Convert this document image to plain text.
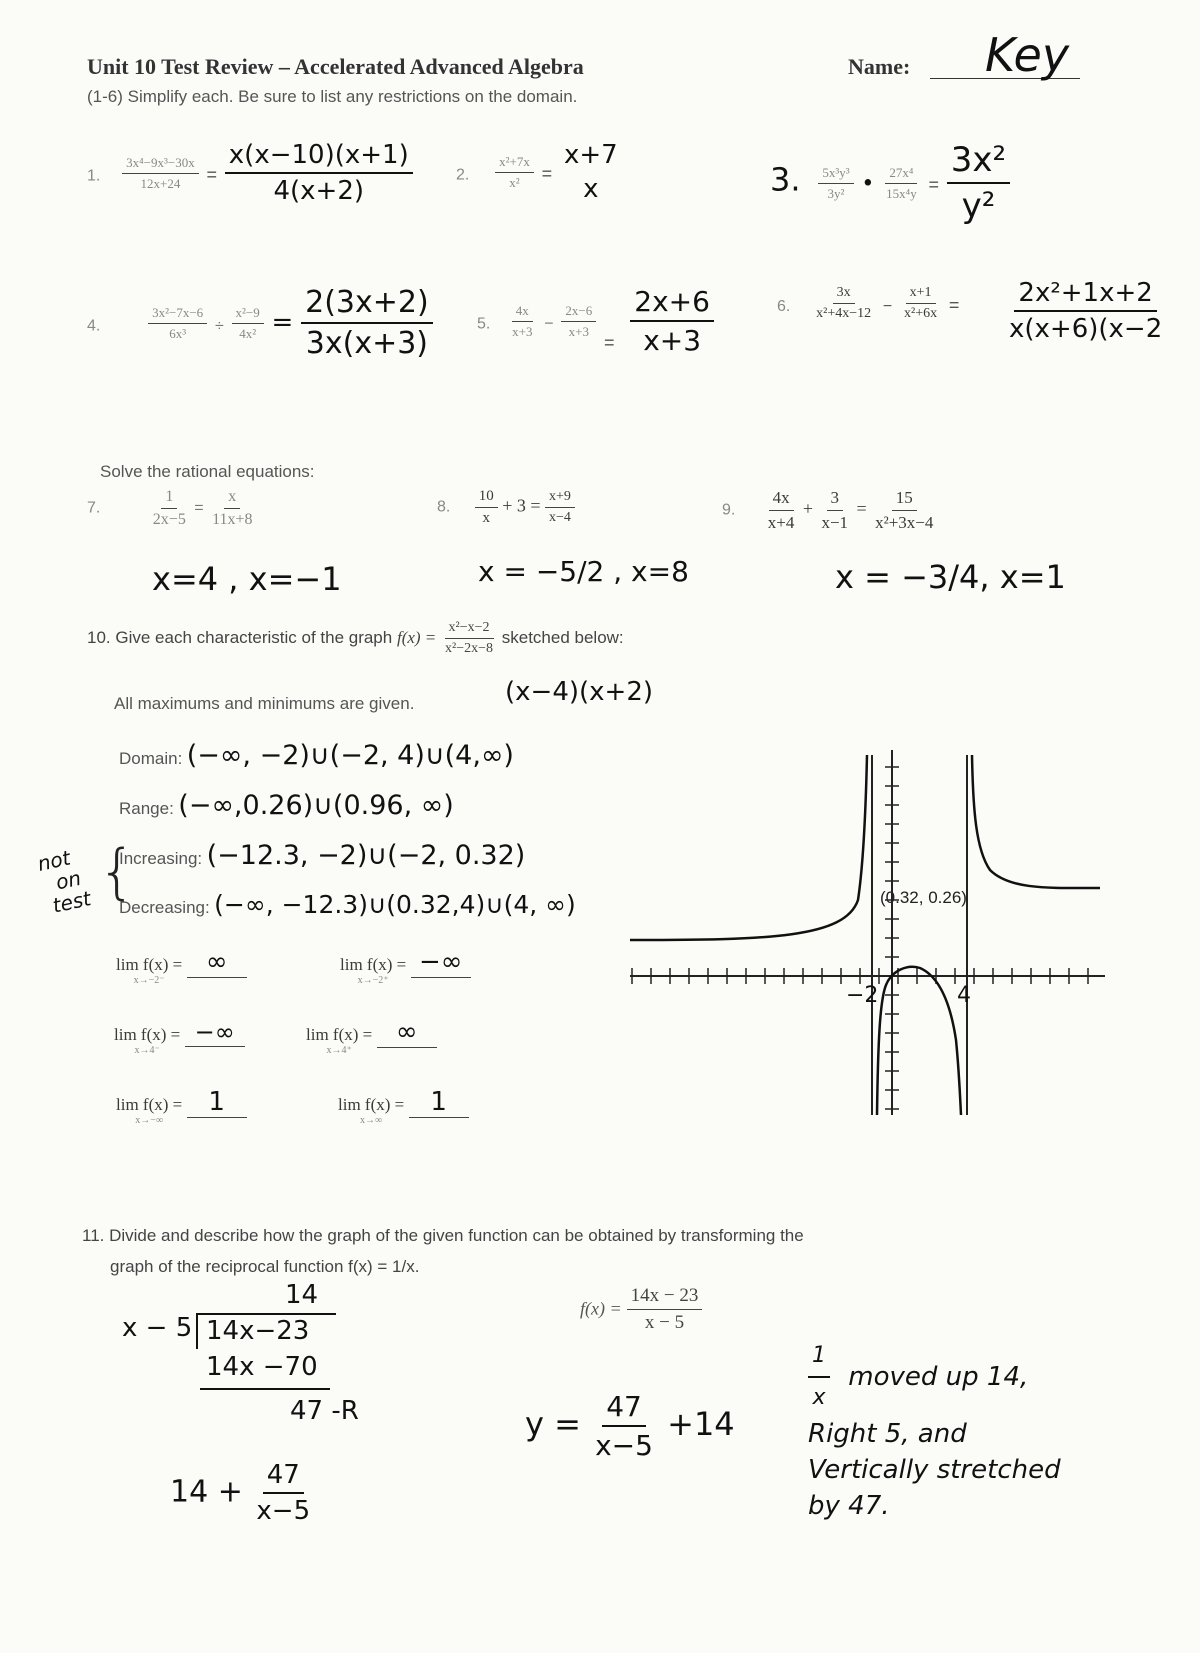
Unit 10 Test Review – Accelerated Advanced Algebra	Name: Key
(1-6) Simplify each. Be sure to list any restrictions on the domain.
1. $\frac{\text{3x⁴−9x³−30x}}{12x+24} = \frac{x(x-10)(x+1)}{4(x+2)}$	2. $\frac{\text{x²+7x}}{\text{x²}}$ =
x+7
x	3. $\frac{\text{5x³y³}}{\text{3y²}}$ • $\frac{\text{27x⁴}}{\text{15x⁴y}} = \frac{\text{3x²}}{\text{y²}}$
4.	$\frac{\text{3x²−7x−6}}{\text{6x³}} \div \frac{\text{x²−9}}{\text{4x²}} = \frac{2(3x+2)}{3x(x+3)}$	5. $\frac{4x}{x+3} - \frac{2x-6}{x+3}$
$_= \frac{2x+6}{x+3}$	6. $\frac{3x}{\text{x²+4x−12}} - \frac{x+1}{\text{x²+6x}} = \frac{\text{2x²+1x+2}}{x(x+6)(x-2}$
Solve the rational equations:
7.	$\frac{1}{2x-5} = \frac{x}{11x+8}$
x=4 , x=−1
8. $\frac{10}{x} + 3 = \frac{x+9}{x-4}$
x = −5/2 , x=8
9. $\frac{4x}{x+4} + \frac{3}{x-1} = \frac{15}{\text{x²+3x−4}}$
x = −3/4, x=1
10. Give each characteristic of the graph $f(x) = \frac{\text{x²−x−2}}{\text{x²−2x−8}}$ sketched below:
(x−4)(x+2)
All maximums and minimums are given.
Domain: (−∞, −2)∪(−2, 4)∪(4,∞)
Range: (−∞,0.26)∪(0.96, ∞)
Increasing: (−12.3, −2)∪(−2, 0.32)
Decreasing: (−∞, −12.3)∪(0.32,4)∪(4, ∞)
not
on
test {
lim f(x) =
x→−2⁻
∞	lim f(x) =
x→−2⁺
−∞
lim f(x) =
x→4⁻
−∞	lim f(x) =
x→4⁺
∞
lim f(x) =
x→−∞
1	lim f(x) =
x→∞
1
(0.32, 0.26)
−2	4
11. Divide and describe how the graph of the given function can be obtained by transforming the
graph of the reciprocal function f(x) = 1/x.
$f(x) = \frac{14x - 23}{x - 5}$
14
x − 5 14x−23
14x −70
47 -R
$14 + \frac{47}{x-5}$
$y = \frac{47}{x-5} +14$
$\frac{1}{x}$ moved up 14,
Right 5, and
Vertically stretched
by 47.
